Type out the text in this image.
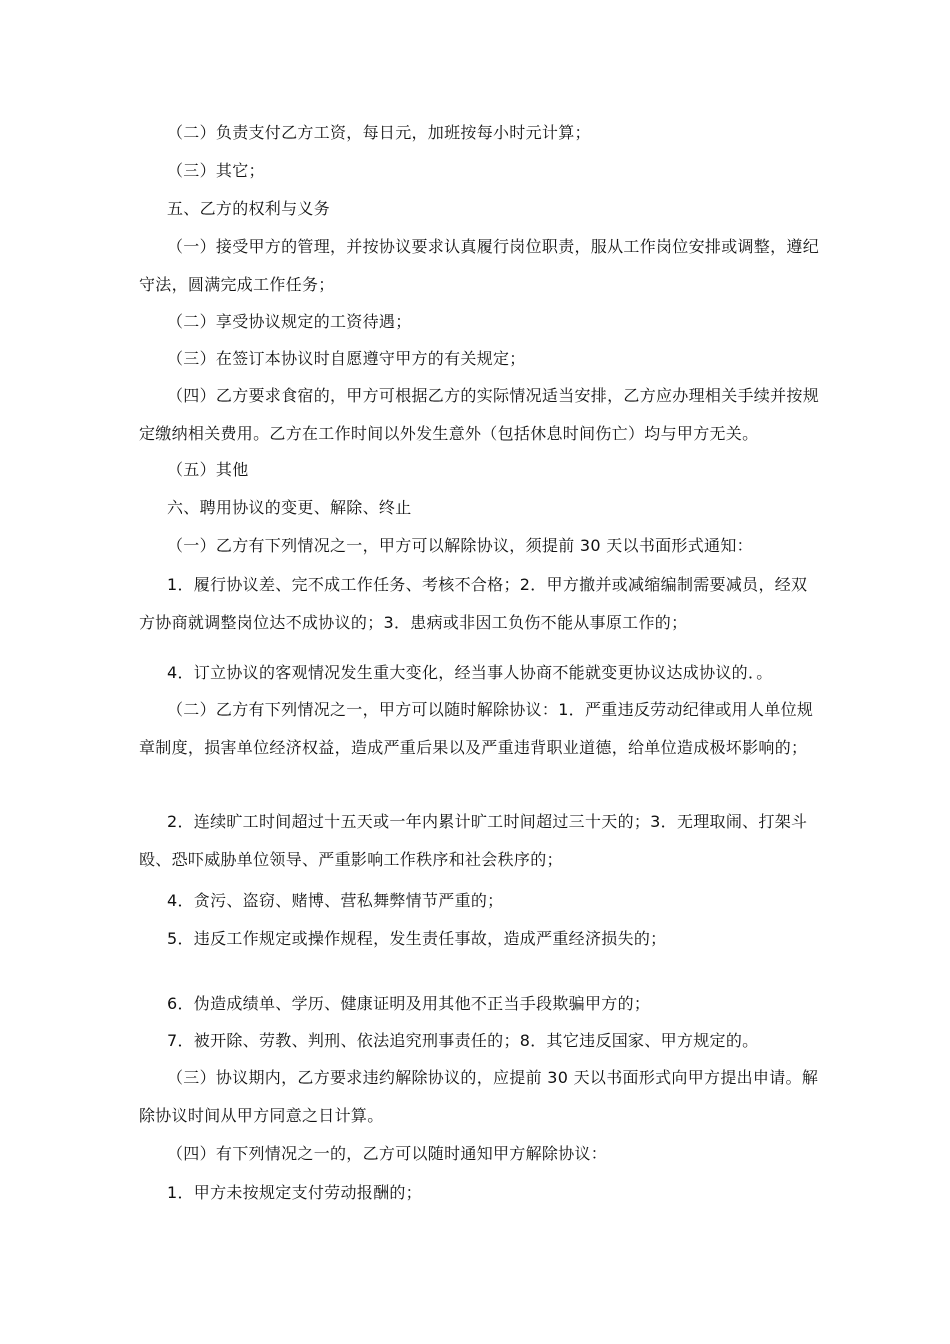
（二）负责支付乙方工资，每日元，加班按每小时元计算；
（三）其它；
五、乙方的权利与义务
（一）接受甲方的管理，并按协议要求认真履行岗位职责，服从工作岗位安排或调整，遵纪守法，圆满完成工作任务；
（二）享受协议规定的工资待遇；
（三）在签订本协议时自愿遵守甲方的有关规定；
（四）乙方要求食宿的，甲方可根据乙方的实际情况适当安排，乙方应办理相关手续并按规定缴纳相关费用。乙方在工作时间以外发生意外（包括休息时间伤亡）均与甲方无关。
（五）其他
六、聘用协议的变更、解除、终止
（一）乙方有下列情况之一，甲方可以解除协议，须提前 30 天以书面形式通知：
1．履行协议差、完不成工作任务、考核不合格；2．甲方撤并或减缩编制需要减员，经双方协商就调整岗位达不成协议的；3．患病或非因工负伤不能从事原工作的；
4．订立协议的客观情况发生重大变化，经当事人协商不能就变更协议达成协议的．。
（二）乙方有下列情况之一，甲方可以随时解除协议：1．严重违反劳动纪律或用人单位规章制度，损害单位经济权益，造成严重后果以及严重违背职业道德，给单位造成极坏影响的；
2．连续旷工时间超过十五天或一年内累计旷工时间超过三十天的；3．无理取闹、打架斗殴、恐吓威胁单位领导、严重影响工作秩序和社会秩序的；
4．贪污、盗窃、赌博、营私舞弊情节严重的；
5．违反工作规定或操作规程，发生责任事故，造成严重经济损失的；
6．伪造成绩单、学历、健康证明及用其他不正当手段欺骗甲方的；
7．被开除、劳教、判刑、依法追究刑事责任的；8．其它违反国家、甲方规定的。
（三）协议期内，乙方要求违约解除协议的，应提前 30 天以书面形式向甲方提出申请。解除协议时间从甲方同意之日计算。
（四）有下列情况之一的，乙方可以随时通知甲方解除协议：
1．甲方未按规定支付劳动报酬的；
